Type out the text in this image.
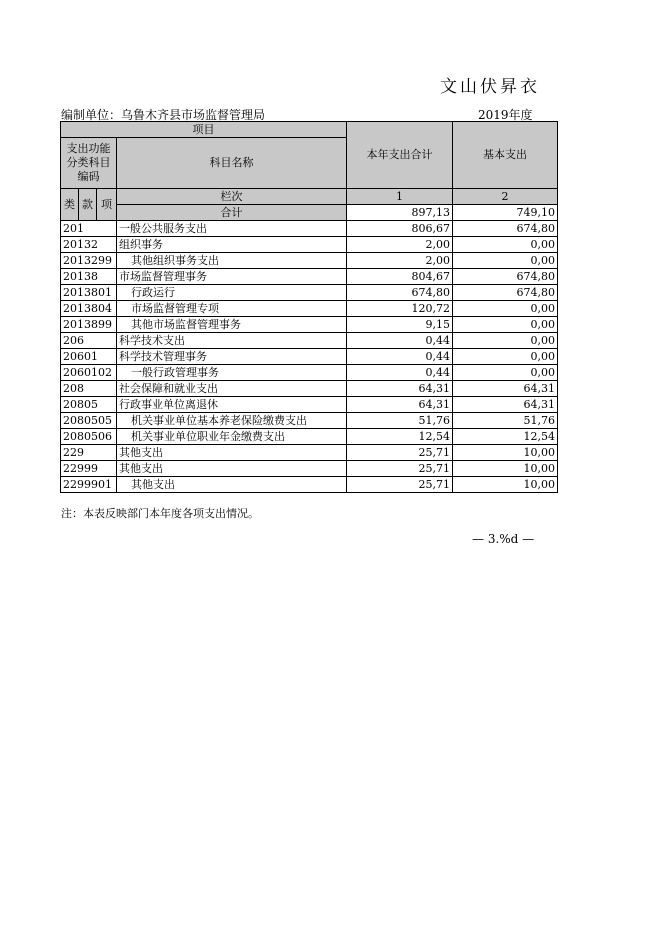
文山伏昇衣
编制单位：乌鲁木齐县市场监督管理局	2019年度
项目				本年支出合计	基本支出
支出功能分类科目编码			科目名称		
类	款	项	栏次	1	2
			合计	897,13	749,10
201			一般公共服务支出	806,67	674,80
20132			组织事务	2,00	0,00
2013299			其他组织事务支出	2,00	0,00
20138			市场监督管理事务	804,67	674,80
2013801			行政运行	674,80	674,80
2013804			市场监督管理专项	120,72	0,00
2013899			其他市场监督管理事务	9,15	0,00
206			科学技术支出	0,44	0,00
20601			科学技术管理事务	0,44	0,00
2060102			一般行政管理事务	0,44	0,00
208			社会保障和就业支出	64,31	64,31
20805			行政事业单位离退休	64,31	64,31
2080505			机关事业单位基本养老保险缴费支出	51,76	51,76
2080506			机关事业单位职业年金缴费支出	12,54	12,54
229			其他支出	25,71	10,00
22999			其他支出	25,71	10,00
2299901			其他支出	25,71	10,00
注：本表反映部门本年度各项支出情况。
— 3.%d —
